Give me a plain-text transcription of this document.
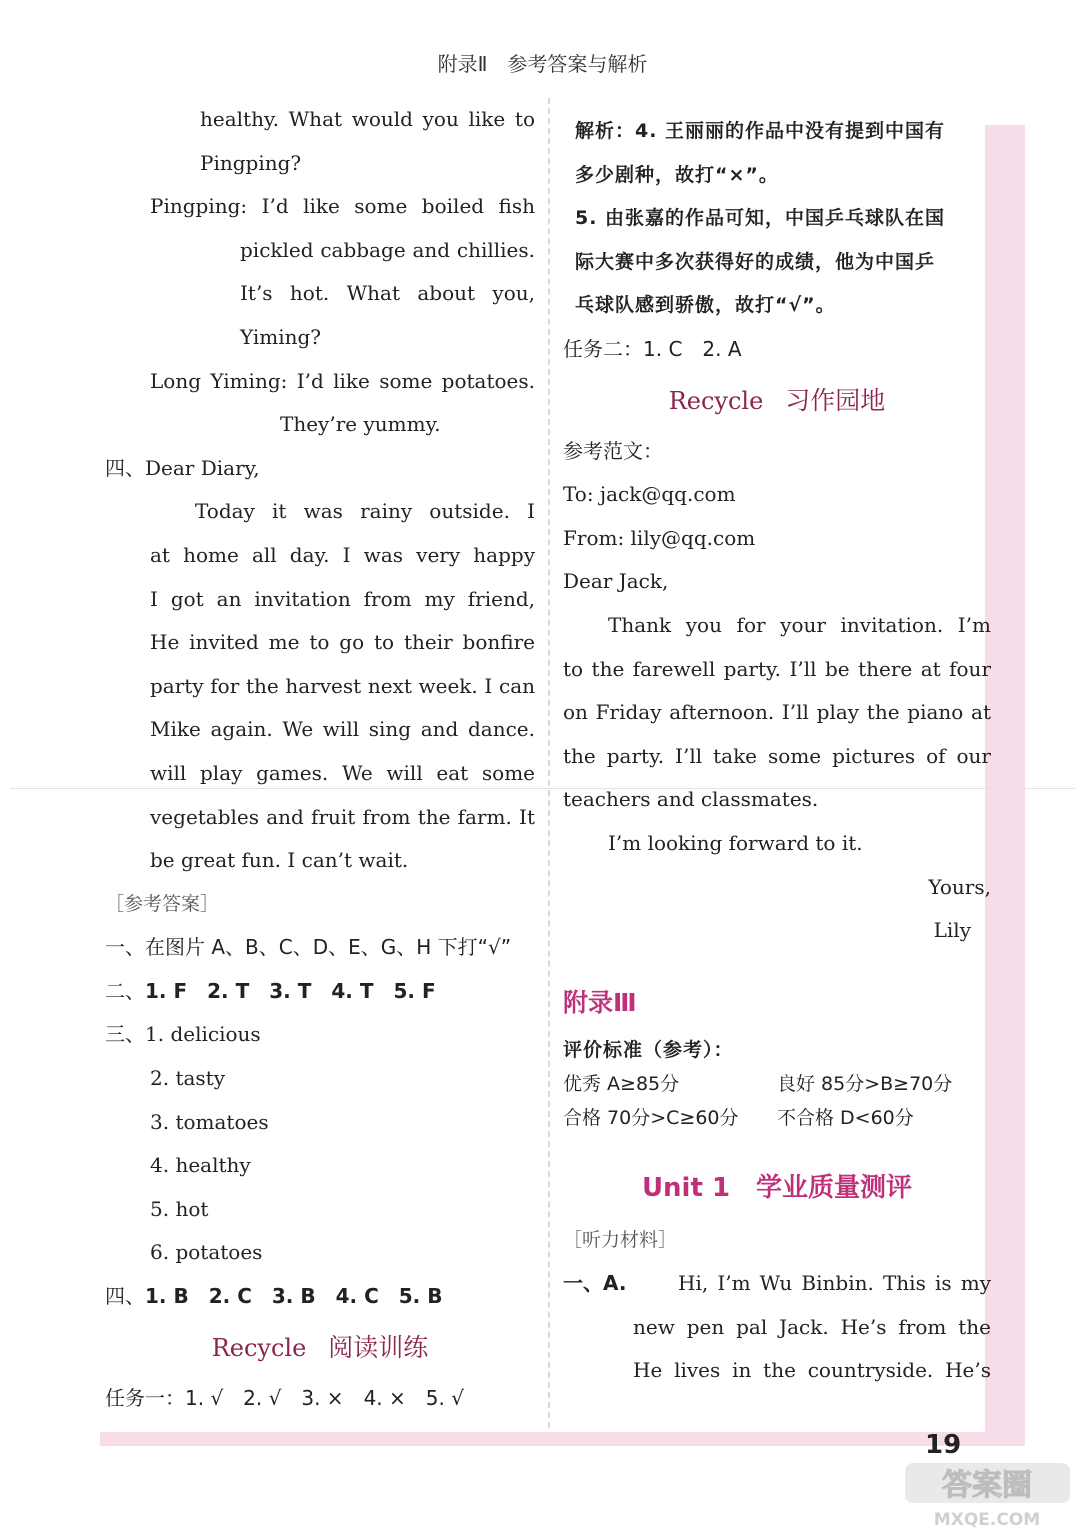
附录Ⅱ　参考答案与解析
healthy. What would you like to
Pingping?
Pingping: I’d like some boiled fish
pickled cabbage and chillies.
It’s hot. What about you,
Yiming?
Long Yiming: I’d like some potatoes.
They’re yummy.
四、Dear Diary,
Today it was rainy outside. I
at home all day. I was very happy
I got an invitation from my friend,
He invited me to go to their bonfire
party for the harvest next week. I can
Mike again. We will sing and dance.
will play games. We will eat some
vegetables and fruit from the farm. It
be great fun. I can’t wait.
［参考答案］
一、在图片 A、B、C、D、E、G、H 下打“√”
二、1. F　2. T　3. T　4. T　5. F
三、1. delicious
2. tasty
3. tomatoes
4. healthy
5. hot
6. potatoes
四、1. B　2. C　3. B　4. C　5. B
Recycle 阅读训练
任务一：1. √　2. √　3. ×　4. ×　5. √
解析：4. 王丽丽的作品中没有提到中国有
多少剧种，故打“×”。
5. 由张嘉的作品可知，中国乒乓球队在国
际大赛中多次获得好的成绩，他为中国乒
乓球队感到骄傲，故打“√”。
任务二：1. C　2. A
Recycle 习作园地
参考范文：
To: jack@qq.com
From: lily@qq.com
Dear Jack,
Thank you for your invitation. I’m
to the farewell party. I’ll be there at four
on Friday afternoon. I’ll play the piano at
the party. I’ll take some pictures of our
teachers and classmates.
I’m looking forward to it.
Yours,
Lily
附录Ⅲ
评价标准（参考）：
优秀 A≥85分	良好 85分>B≥70分
合格 70分>C≥60分	不合格 D<60分
Unit 1　学业质量测评
［听力材料］
一、A.	Hi, I’m Wu Binbin. This is my
new pen pal Jack. He’s from the
He lives in the countryside. He’s
19
答案圈
MXQE.COM
